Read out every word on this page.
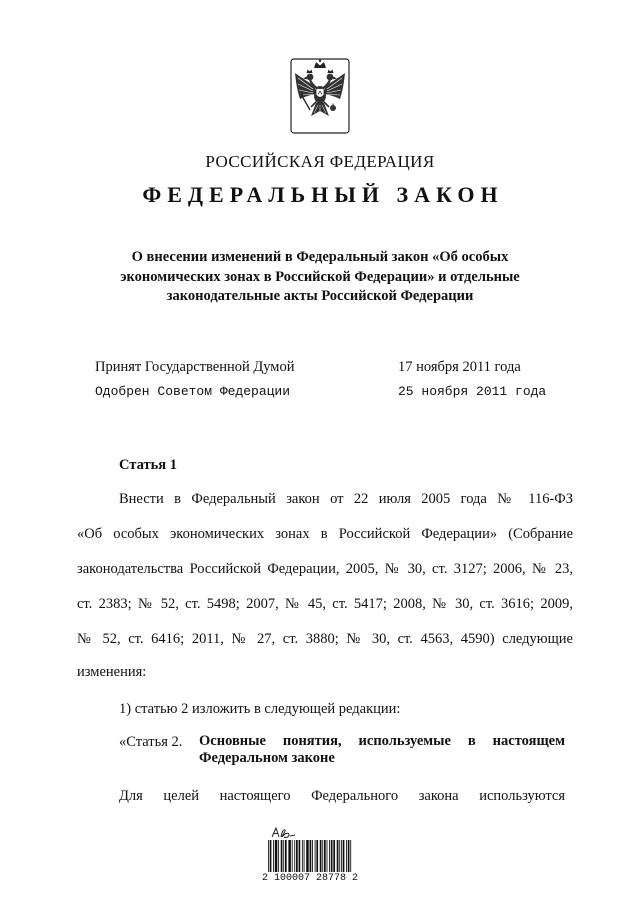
РОССИЙСКАЯ ФЕДЕРАЦИЯ
ФЕДЕРАЛЬНЫЙ ЗАКОН
О внесении изменений в Федеральный закон «Об особых
экономических зонах в Российской Федерации» и отдельные
законодательные акты Российской Федерации
Принят Государственной Думой	17 ноября 2011 года
Одобрен Советом Федерации	25 ноября 2011 года
Статья 1
Внести в Федеральный закон от 22 июля 2005 года № 116-ФЗ
«Об особых экономических зонах в Российской Федерации» (Собрание
законодательства Российской Федерации, 2005, № 30, ст. 3127; 2006, № 23,
ст. 2383; № 52, ст. 5498; 2007, № 45, ст. 5417; 2008, № 30, ст. 3616; 2009,
№ 52, ст. 6416; 2011, № 27, ст. 3880; № 30, ст. 4563, 4590) следующие
изменения:
1) статью 2 изложить в следующей редакции:
«Статья 2. Основные понятия, используемые в настоящем
Федеральном законе
Для целей настоящего Федерального закона используются
2 100007 28778 2
